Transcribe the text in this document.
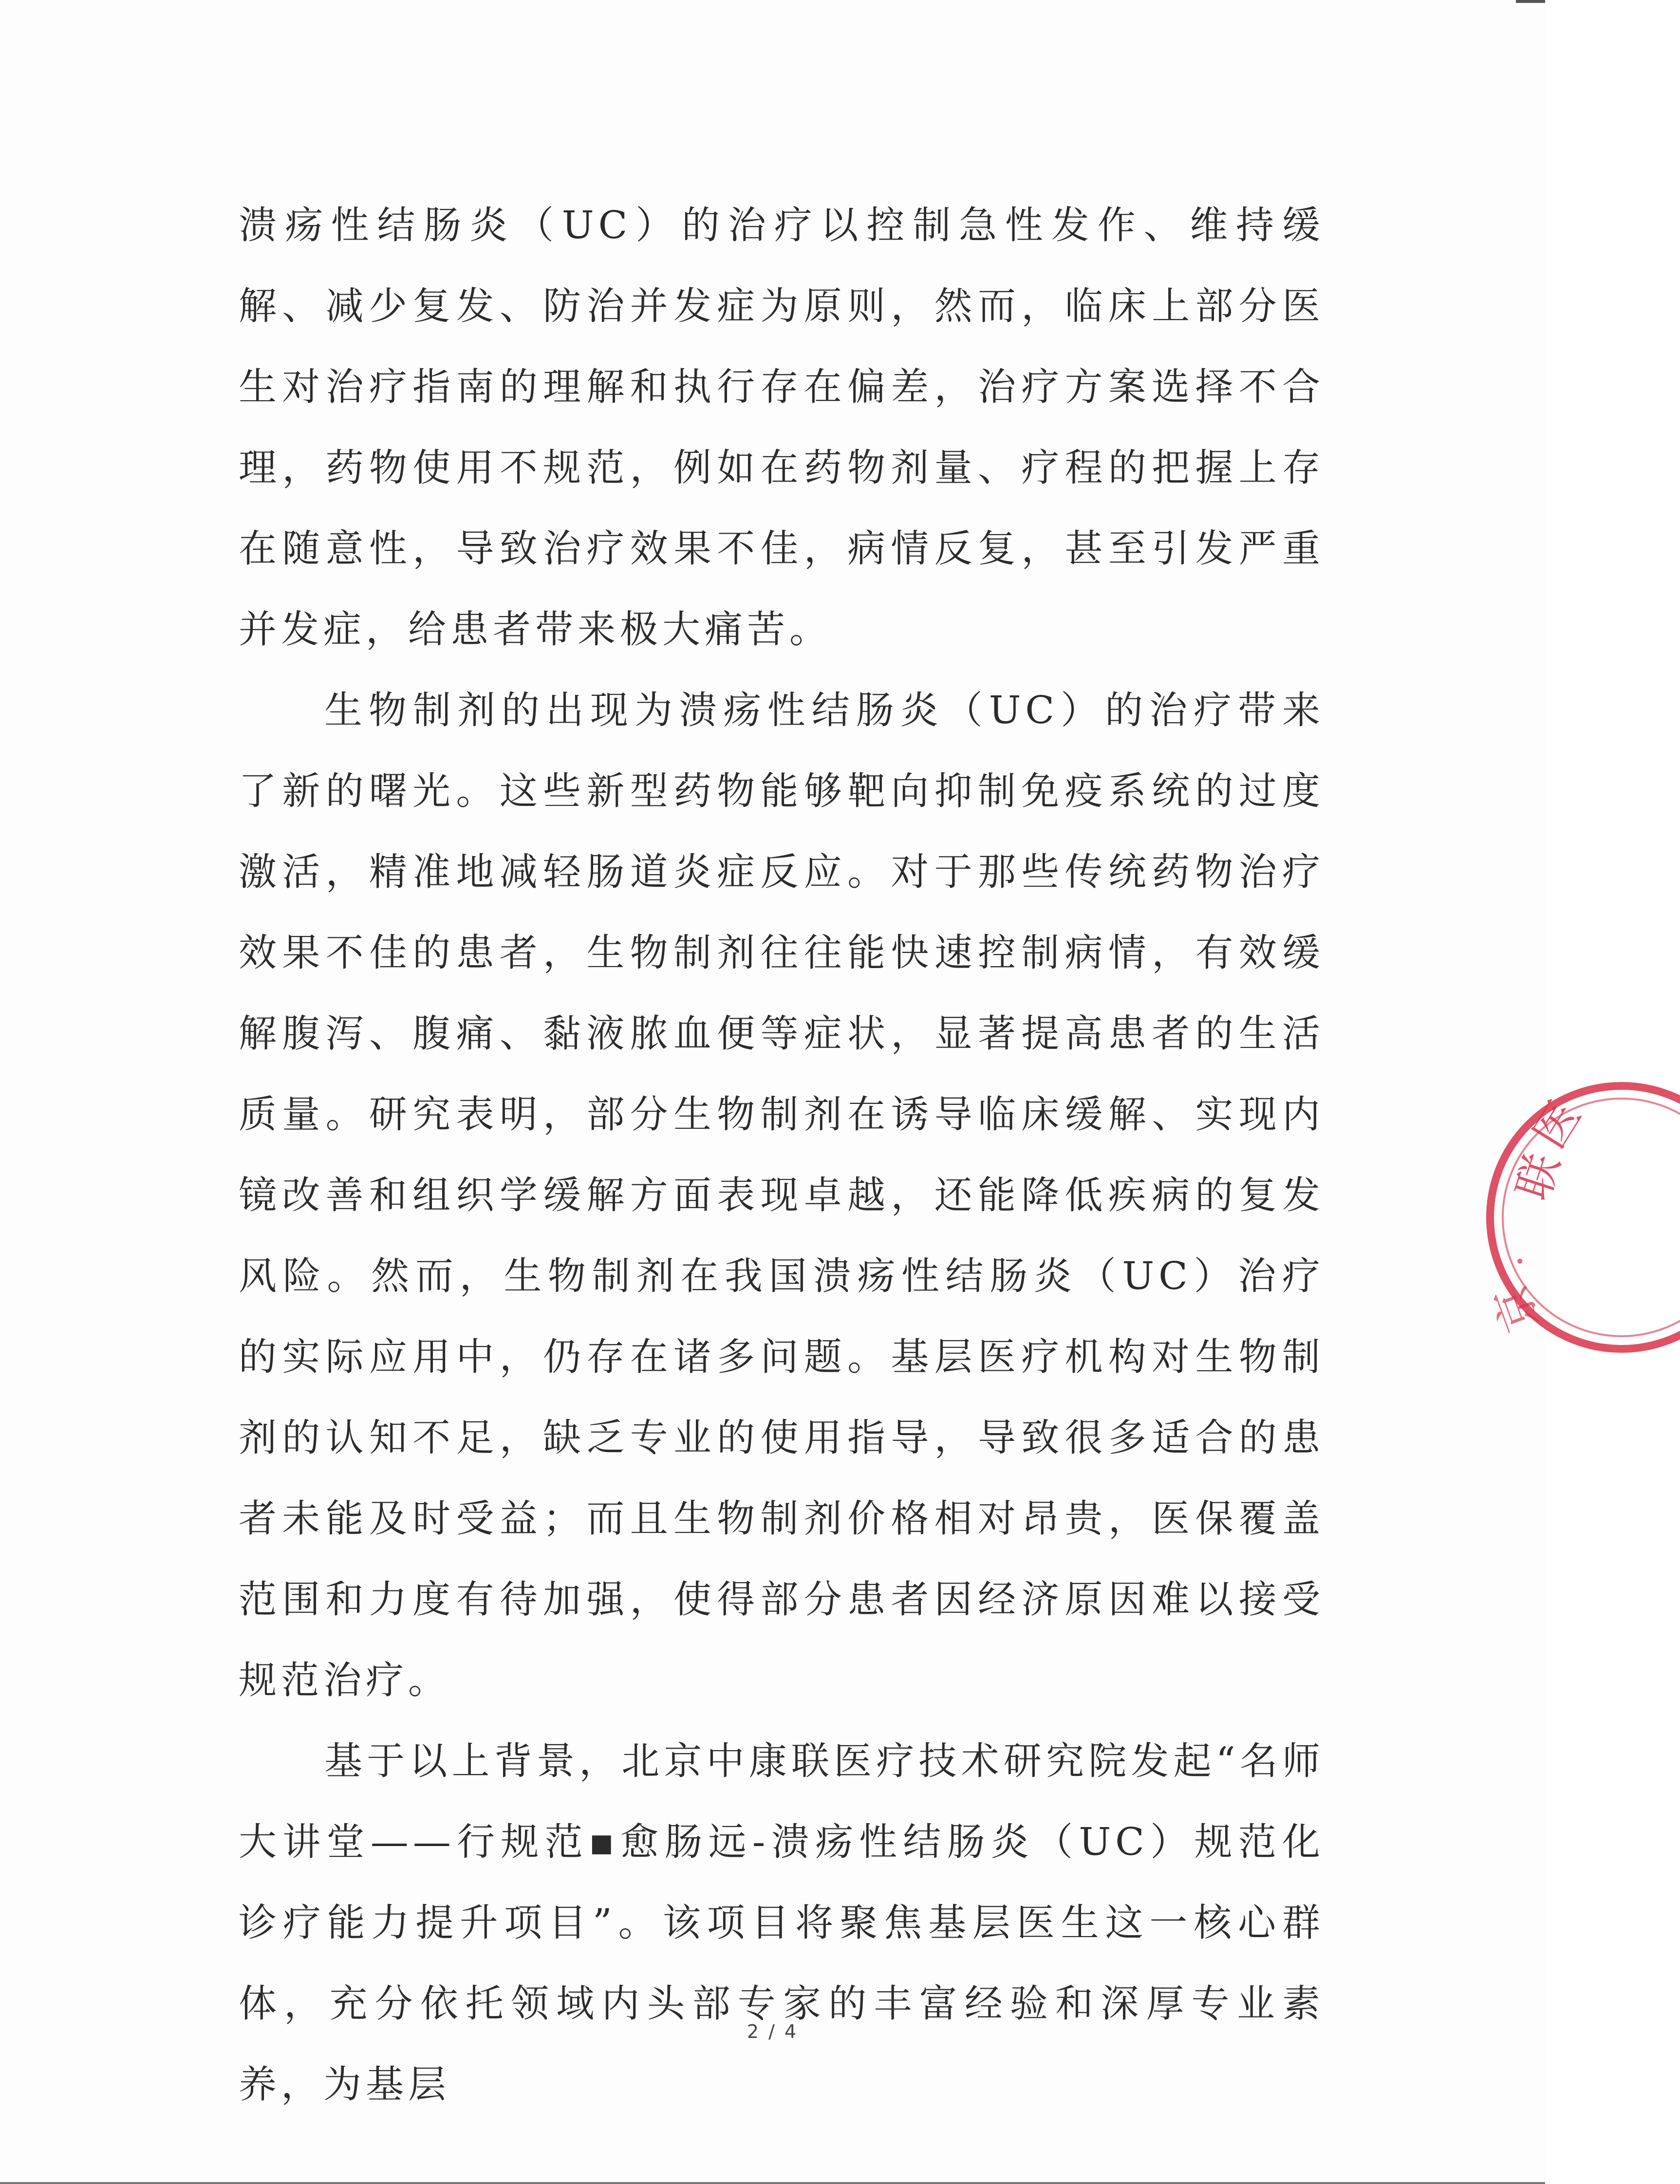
溃疡性结肠炎（UC）的治疗以控制急性发作、维持缓解、减少复发、防治并发症为原则，然而，临床上部分医生对治疗指南的理解和执行存在偏差，治疗方案选择不合理，药物使用不规范，例如在药物剂量、疗程的把握上存在随意性，导致治疗效果不佳，病情反复，甚至引发严重并发症，给患者带来极大痛苦。

生物制剂的出现为溃疡性结肠炎（UC）的治疗带来了新的曙光。这些新型药物能够靶向抑制免疫系统的过度激活，精准地减轻肠道炎症反应。对于那些传统药物治疗效果不佳的患者，生物制剂往往能快速控制病情，有效缓解腹泻、腹痛、黏液脓血便等症状，显著提高患者的生活质量。研究表明，部分生物制剂在诱导临床缓解、实现内镜改善和组织学缓解方面表现卓越，还能降低疾病的复发风险。然而，生物制剂在我国溃疡性结肠炎（UC）治疗的实际应用中，仍存在诸多问题。基层医疗机构对生物制剂的认知不足，缺乏专业的使用指导，导致很多适合的患者未能及时受益；而且生物制剂价格相对昂贵，医保覆盖范围和力度有待加强，使得部分患者因经济原因难以接受规范治疗。

基于以上背景，北京中康联医疗技术研究院发起“名师大讲堂——行规范▪愈肠远-溃疡性结肠炎（UC）规范化诊疗能力提升项目”。该项目将聚焦基层医生这一核心群体，充分依托领域内头部专家的丰富经验和深厚专业素养，为基层

2 / 4
联
医
·
京
